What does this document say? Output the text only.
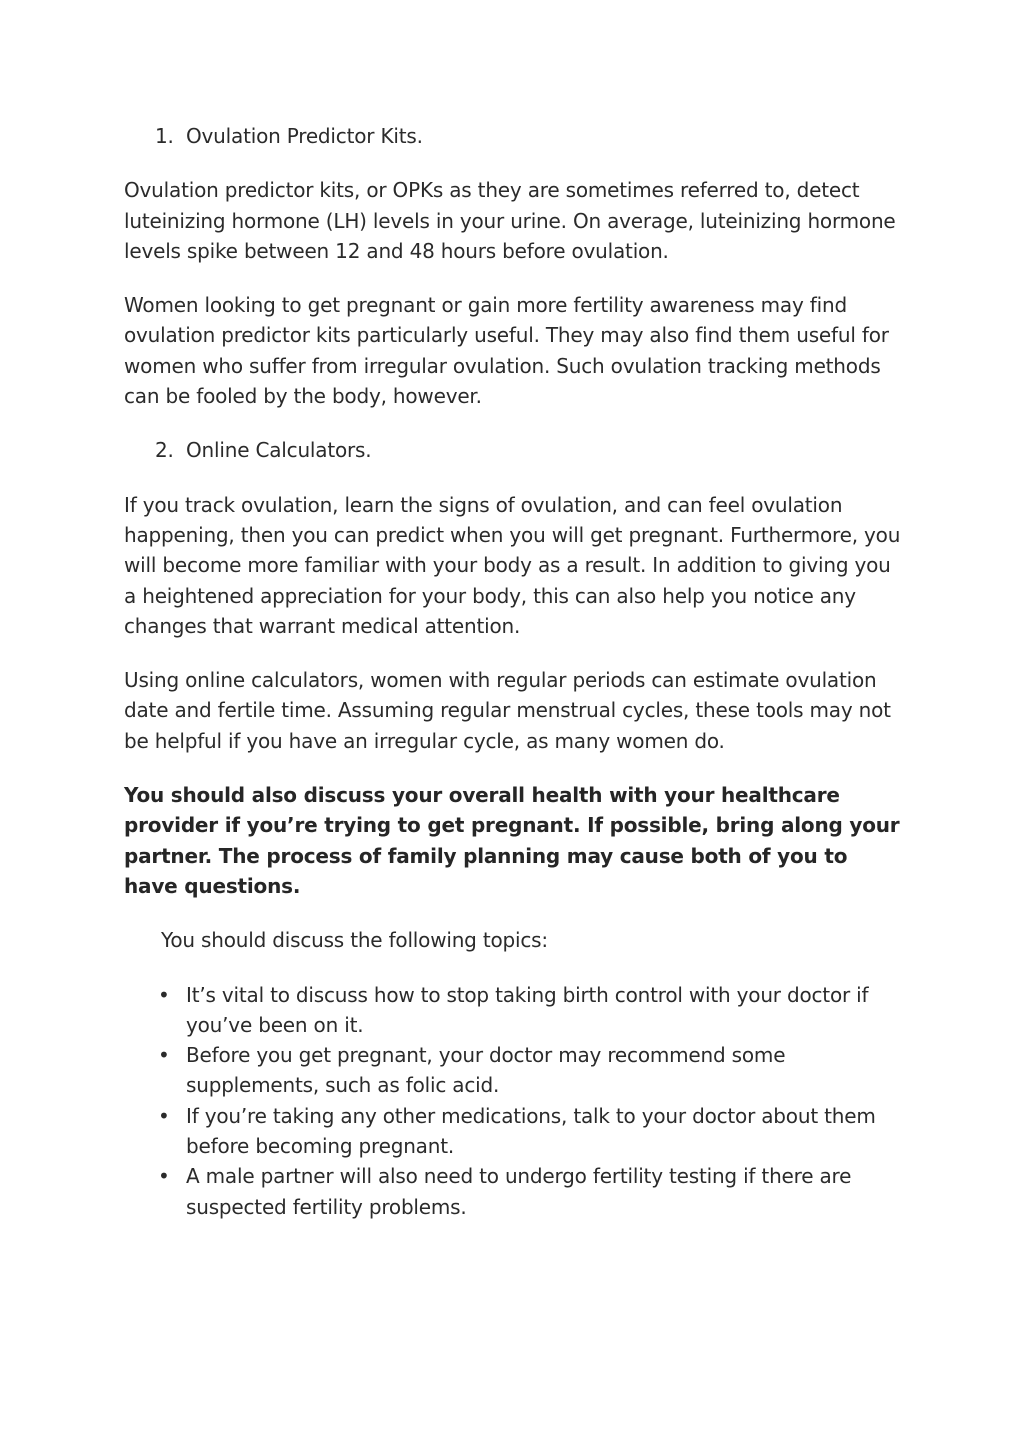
1. Ovulation Predictor Kits.

Ovulation predictor kits, or OPKs as they are sometimes referred to, detect luteinizing hormone (LH) levels in your urine. On average, luteinizing hormone levels spike between 12 and 48 hours before ovulation.

Women looking to get pregnant or gain more fertility awareness may find ovulation predictor kits particularly useful. They may also find them useful for women who suffer from irregular ovulation. Such ovulation tracking methods can be fooled by the body, however.

2. Online Calculators.

If you track ovulation, learn the signs of ovulation, and can feel ovulation happening, then you can predict when you will get pregnant. Furthermore, you will become more familiar with your body as a result. In addition to giving you a heightened appreciation for your body, this can also help you notice any changes that warrant medical attention.

Using online calculators, women with regular periods can estimate ovulation date and fertile time. Assuming regular menstrual cycles, these tools may not be helpful if you have an irregular cycle, as many women do.

You should also discuss your overall health with your healthcare provider if you’re trying to get pregnant. If possible, bring along your partner. The process of family planning may cause both of you to have questions.

You should discuss the following topics:

• It’s vital to discuss how to stop taking birth control with your doctor if you’ve been on it.
• Before you get pregnant, your doctor may recommend some supplements, such as folic acid.
• If you’re taking any other medications, talk to your doctor about them before becoming pregnant.
• A male partner will also need to undergo fertility testing if there are suspected fertility problems.
